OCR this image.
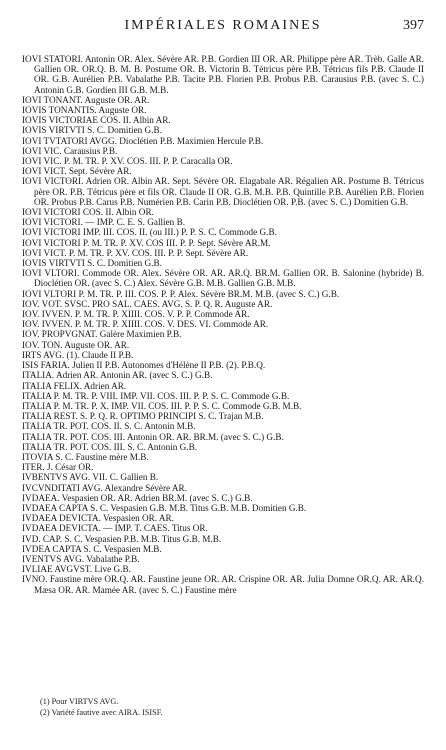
IMPÉRIALES ROMAINES	397

IOVI STATORI. Antonin OR. Alex. Sévère AR. P.B. Gordien III OR. AR. Philippe père AR. Trèb. Galle AR. Gallien OR. OR.Q. B. M. B. Postume OR. B. Victorin B. Tétricus père P.B. Tétricus fils P.B. Claude II OR. G.B. Aurélien P.B. Vabalathe P.B. Tacite P.B. Florien P.B. Probus P.B. Carausius P.B. (avec S. C.) Antonin G.B. Gordien III G.B. M.B.

IOVI TONANT. Auguste OR. AR.

IOVIS TONANTIS. Auguste OR.

IOVIS VICTORIAE COS. II. Albin AR.

IOVIS VIRTVTI S. C. Domitien G.B.

IOVI TVTATORI AVGG. Dioclétien P.B. Maximien Hercule P.B.

IOVI VIC. Carausius P.B.

IOVI VIC. P. M. TR. P. XV. COS. III. P. P. Caracalla OR.

IOVI VICT. Sept. Sévère AR.

IOVI VICTORI. Adrien OR. Albin AR. Sept. Sévère OR. Elagabale AR. Régalien AR. Postume B. Tétricus père OR. P.B. Tétricus père et fils OR. Claude II OR. G.B. M.B. P.B. Quintille P.B. Aurélien P.B. Florien OR. Probus P.B. Carus P.B. Numérien P.B. Carin P.B. Dioclétien OR. P.B. (avec S. C.) Domitien G.B.

IOVI VICTORI COS. II. Albin OR.

IOVI VICTORI. — IMP. C. E. S. Gallien B.

IOVI VICTORI IMP. III. COS. II. (ou III.) P. P. S. C. Commode G.B.

IOVI VICTORI P. M. TR. P. XV. COS III. P. P. Sept. Sévère AR.M.

IOVI VICT. P. M. TR. P. XV. COS. III. P. P. Sept. Sévère AR.

IOVIS VIRTVTI S. C. Domitien G.B.

IOVI VLTORI. Commode OR. Alex. Sévère OR. AR. AR.Q. BR.M. Gallien OR. B. Salonine (hybride) B. Dioclétien OR. (avec S. C.) Alex. Sévère G.B. M.B. Gallien G.B. M.B.

IOVI VLTORI P. M. TR. P. III. COS. P. P. Alex. Sévère BR.M. M.B. (avec S. C.) G.B.

IOV. VOT. SVSC. PRO SAL. CAES. AVG. S. P. Q. R. Auguste AR.

IOV. IVVEN. P. M. TR. P. XIIII. COS. V. P. P. Commode AR.

IOV. IVVEN. P. M. TR. P. XIIII. COS. V. DES. VI. Commode AR.

IOV. PROPVGNAT. Galère Maximien P.B.

IOV. TON. Auguste OR. AR.

IRTS AVG. (1). Claude II P.B.

ISIS FARIA. Julien II P.B. Autonomes d'Hélène II P.B. (2). P.B.Q.

ITALIA. Adrien AR. Antonin AR. (avec S. C.) G.B.

ITALIA FELIX. Adrien AR.

ITALIA P. M. TR. P. VIII. IMP. VII. COS. III. P. P. S. C. Commode G.B.

ITALIA P. M. TR. P. X. IMP. VII. COS. III. P. P. S. C. Commode G.B. M.B.

ITALIA REST. S. P. Q. R. OPTIMO PRINCIPI S. C. Trajan M.B.

ITALIA TR. POT. COS. II. S. C. Antonin M.B.

ITALIA TR. POT. COS. III. Antonin OR. AR. BR.M. (avec S. C.) G.B.

ITALIA TR. POT. COS. III. S. C. Antonin G.B.

ITOVIA S. C. Faustine mère M.B.

ITER. J. César OR.

IVBENTVS AVG. VII. C. Gallien B.

IVCVNDITATI AVG. Alexandre Sévère AR.

IVDAEA. Vespasien OR. AR. Adrien BR.M. (avec S. C.) G.B.

IVDAEA CAPTA S. C. Vespasien G.B. M.B. Titus G.B. M.B. Domitien G.B.

IVDAEA DEVICTA. Vespasien OR. AR.

IVDAEA DEVICTA. — IMP. T. CAES. Titus OR.

IVD. CAP. S. C. Vespasien P.B. M.B. Titus G.B. M.B.

IVDEA CAPTA S. C. Vespasien M.B.

IVENTVS AVG. Vabalathe P.B.

IVLIAE AVGVST. Live G.B.

IVNO. Faustine mère OR.Q. AR. Faustine jeune OR. AR. Crispine OR. AR. Julia Domne OR.Q. AR. AR.Q. Mæsa OR. AR. Mamée AR. (avec S. C.) Faustine mère

(1) Pour VIRTVS AVG.
(2) Variété fautive avec AIRA. ISISF.
